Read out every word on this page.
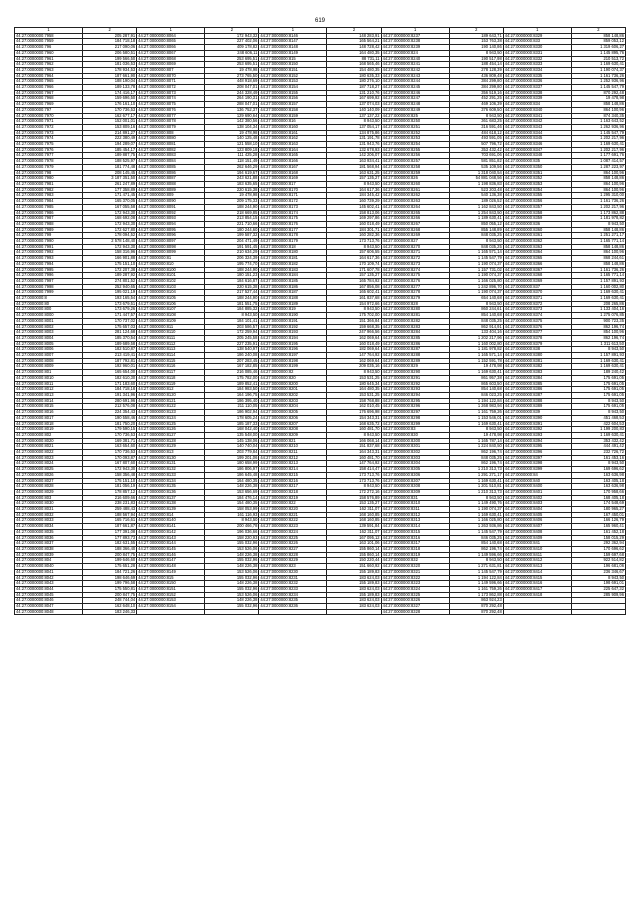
619
1	2	1	2	1	2	1	2	1	2
44:27:0000000:7958	205 287,91	44:27:0000000:8064	172 943,32	44:27:0000000:8146	148 283,91	44:27:0000000:8237	189 643,71	44:27:0000000:8329	858 148,86
44:27:0000000:7959	184 718,18	44:27:0000000:8065	227 402,06	44:27:0000000:8147	165 564,21	44:27:0000000:8238	153 763,38	44:27:0000000:833	859 053,12
44:27:0000000:796	217 090,06	44:27:0000000:8066	409 178,82	44:27:0000000:8148	148 728,42	44:27:0000000:8239	190 140,86	44:27:0000000:8330	1 319 606,27
44:27:0000000:7960	206 580,51	44:27:0000000:8067	248 606,11	44:27:0000000:8149	164 480,35	44:27:0000000:824	8 943,50	44:27:0000000:8331	1 145 895,76
44:27:0000000:7961	199 566,50	44:27:0000000:8068	253 695,51	44:27:0000000:815	88 731,11	44:27:0000000:8240	190 517,98	44:27:0000000:8332	210 513,72
44:27:0000000:7962	181 036,53	44:27:0000000:8069	253 695,51	44:27:0000000:8150	168 565,46	44:27:0000000:8241	188 454,14	44:27:0000000:8333	1 169 630,41
44:27:0000000:7963	178 934,53	44:27:0000000:807	19 478,98	44:27:0000000:8151	154 480,35	44:27:0000000:8242	278 128,39	44:27:0000000:8334	1 190 074,37
44:27:0000000:7964	187 661,90	44:27:0000000:8070	273 765,50	44:27:0000000:8152	180 635,33	44:27:0000000:8243	436 809,48	44:27:0000000:8335	1 161 736,26
44:27:0000000:7965	188 190,04	44:27:0000000:8071	448 918,69	44:27:0000000:8153	180 276,10	44:27:0000000:8244	384 299,80	44:27:0000000:8336	1 252 936,96
44:27:0000000:7966	189 133,78	44:27:0000000:8072	208 047,01	44:27:0000000:8154	187 718,27	44:27:0000000:8245	384 299,80	44:27:0000000:8337	1 145 547,79
44:27:0000000:7967	174 416,17	44:27:0000000:8073	244 328,49	44:27:0000000:8155	131 210,76	44:27:0000000:8246	356 519,16	44:27:0000000:8338	870 292,48
44:27:0000000:7968	159 696,50	44:27:0000000:8074	264 190,31	44:27:0000000:8156	167 699,92	44:27:0000000:8247	452 291,25	44:27:0000000:8339	19 478,98
44:27:0000000:7969	176 161,10	44:27:0000000:8075	288 047,01	44:27:0000000:8157	137 074,03	44:27:0000000:8248	469 106,39	44:27:0000000:834	858 148,86
44:27:0000000:797	170 736,53	44:27:0000000:8076	136 752,37	44:27:0000000:8158	140 140,09	44:27:0000000:8249	376 609,50	44:27:0000000:8340	864 100,96
44:27:0000000:7970	162 677,17	44:27:0000000:8077	129 690,64	44:27:0000000:8159	137 137,22	44:27:0000000:825	8 943,50	44:27:0000000:8341	874 340,35
44:27:0000000:7971	152 001,01	44:27:0000000:8078	142 380,56	44:27:0000000:816	8 943,50	44:27:0000000:8250	361 683,25	44:27:0000000:8342	1 163 643,52
44:27:0000000:7972	153 809,16	44:27:0000000:8079	138 104,34	44:27:0000000:8160	137 054,17	44:27:0000000:8251	316 591,46	44:27:0000000:8343	1 262 936,96
44:27:0000000:7973	214 891,27	44:27:0000000:808	19 478,98	44:27:0000000:8161	134 875,86	44:27:0000000:8252	484 618,12	44:27:0000000:8344	1 145 547,79
44:27:0000000:7974	222 380,49	44:27:0000000:8080	140 125,48	44:27:0000000:8162	131 191,78	44:27:0000000:8253	493 591,05	44:27:0000000:8345	1 202 217,96
44:27:0000000:7975	194 289,07	44:27:0000000:8081	121 558,10	44:27:0000000:8163	131 943,76	44:27:0000000:8254	507 796,72	44:27:0000000:8346	1 169 630,41
44:27:0000000:7976	185 454,17	44:27:0000000:8082	123 809,18	44:27:0000000:8164	132 678,93	44:27:0000000:8255	353 432,42	44:27:0000000:8347	1 202 217,96
44:27:0000000:7977	189 887,75	44:27:0000000:8083	111 425,28	44:27:0000000:8165	142 206,07	44:27:0000000:8256	703 691,06	44:27:0000000:8348	1 177 691,76
44:27:0000000:7978	188 525,97	44:27:0000000:8084	118 151,49	44:27:0000000:8166	163 934,41	44:27:0000000:8257	581 851,82	44:27:0000000:835	1 087 414,57
44:27:0000000:7979	181 774,48	44:27:0000000:8085	262 646,29	44:27:0000000:8167	181 568,94	44:27:0000000:8258	535 109,56	44:27:0000000:8350	1 287 223,97
44:27:0000000:798	208 145,45	44:27:0000000:8086	194 619,67	44:27:0000000:8168	163 631,25	44:27:0000000:8259	1 318 040,54	44:27:0000000:8351	864 100,96
44:27:0000000:7980	3 187 351,50	44:27:0000000:8087	243 621,88	44:27:0000000:8169	157 135,27	44:27:0000000:826	54 881 048,56	44:27:0000000:8352	858 148,86
44:27:0000000:7981	261 247,89	44:27:0000000:8088	183 635,65	44:27:0000000:817	8 943,50	44:27:0000000:8260	1 198 836,83	44:27:0000000:8353	864 100,96
44:27:0000000:7982	177 358,89	44:27:0000000:8089	220 615,38	44:27:0000000:8170	164 617,36	44:27:0000000:8261	523 203,48	44:27:0000000:8354	864 100,96
44:27:0000000:7983	171 471,45	44:27:0000000:809	19 478,98	44:27:0000000:8171	184 345,42	44:27:0000000:8262	540 136,38	44:27:0000000:8355	1 295 310,00
44:27:0000000:7984	165 370,05	44:27:0000000:8090	209 175,33	44:27:0000000:8172	160 739,29	44:27:0000000:8263	189 026,52	44:27:0000000:8356	1 161 736,26
44:27:0000000:7985	167 055,58	44:27:0000000:8091	188 244,90	44:27:0000000:8173	145 602,41	44:27:0000000:8264	1 162 843,50	44:27:0000000:8357	1 202 217,96
44:27:0000000:7986	172 943,30	44:27:0000000:8092	218 669,85	44:27:0000000:8174	158 813,06	44:27:0000000:8265	1 254 843,50	44:27:0000000:8358	1 173 862,88
44:27:0000000:7987	168 692,08	44:27:0000000:8093	213 854,15	44:27:0000000:8175	169 297,86	44:27:0000000:8266	1 189 630,41	44:27:0000000:8359	1 181 978,82
44:27:0000000:7988	172 943,30	44:27:0000000:8094	221 710,66	44:27:0000000:8176	160 018,49	44:27:0000000:8267	850 055,12	44:27:0000000:836	8 943,50
44:27:0000000:7989	172 627,80	44:27:0000000:8095	180 244,60	44:27:0000000:8177	184 301,71	44:27:0000000:8268	855 148,89	44:27:0000000:8360	858 148,86
44:27:0000000:799	178 094,52	44:27:0000000:8096	199 587,32	44:27:0000000:8178	160 282,36	44:27:0000000:8269	848 035,25	44:27:0000000:8361	1 251 271,17
44:27:0000000:7990	2 578 148,40	44:27:0000000:8097	204 471,49	44:27:0000000:8179	173 713,76	44:27:0000000:827	8 943,50	44:27:0000000:8362	1 165 771,14
44:27:0000000:7991	172 943,30	44:27:0000000:8098	191 591,45	44:27:0000000:818	8 943,50	44:27:0000000:8270	848 035,25	44:27:0000000:8363	858 148,86
44:27:0000000:7992	158 316,96	44:27:0000000:8099	210 634,29	44:27:0000000:8180	157 606,55	44:27:0000000:8271	1 165 571,14	44:27:0000000:8364	864 100,96
44:27:0000000:7993	166 901,88	44:27:0000000:81	206 324,39	44:27:0000000:8181	164 617,36	44:27:0000000:8272	1 145 547,79	44:27:0000000:8365	868 244,61
44:27:0000000:7994	175 151,10	44:27:0000000:810	195 774,70	44:27:0000000:8182	170 109,74	44:27:0000000:8273	1 190 074,37	44:27:0000000:8366	858 148,86
44:27:0000000:7995	172 207,38	44:27:0000000:8100	188 244,90	44:27:0000000:8183	171 607,78	44:27:0000000:8274	1 157 731,02	44:27:0000000:8367	1 161 736,26
44:27:0000000:7996	189 287,92	44:27:0000000:8101	180 151,23	44:27:0000000:8184	157 135,27	44:27:0000000:8275	1 190 074,37	44:27:0000000:8368	1 165 771,14
44:27:0000000:7997	274 801,52	44:27:0000000:8102	184 616,87	44:27:0000000:8185	165 784,92	44:27:0000000:8276	1 166 025,80	44:27:0000000:8369	1 157 891,93
44:27:0000000:7998	252 940,65	44:27:0000000:8103	220 615,38	44:27:0000000:8186	167 856,08	44:27:0000000:8277	1 242 896,70	44:27:0000000:837	1 160 002,80
44:27:0000000:7999	195 021,19	44:27:0000000:8104	217 527,44	44:27:0000000:8187	165 602,41	44:27:0000000:8278	1 190 074,37	44:27:0000000:8370	1 169 630,41
44:27:0000000:8	193 165,54	44:27:0000000:8105	188 244,90	44:27:0000000:8188	161 837,68	44:27:0000000:8279	654 140,68	44:27:0000000:8371	1 169 630,41
44:27:0000000:80	173 679,51	44:27:0000000:8106	181 551,75	44:27:0000000:8189	154 972,66	44:27:0000000:828	8 943,50	44:27:0000000:8372	208 265,86
44:27:0000000:800	173 679,26	44:27:0000000:8107	184 885,32	44:27:0000000:819	8 943,50	44:27:0000000:8280	860 244,61	44:27:0000000:8373	1 133 404,16
44:27:0000000:8000	171 447,57	44:27:0000000:8108	8 943,50	44:27:0000000:8190	175 702,00	44:27:0000000:8281	854 140,68	44:27:0000000:8374	1 275 076,85
44:27:0000000:8001	170 737,02	44:27:0000000:8109	184 101,41	44:27:0000000:8191	151 366,84	44:27:0000000:8282	848 035,25	44:27:0000000:8375	900 723,35
44:27:0000000:8002	175 657,03	44:27:0000000:811	203 586,57	44:27:0000000:8192	159 668,35	44:27:0000000:8283	862 914,91	44:27:0000000:8376	862 196,74
44:27:0000000:8003	281 124,68	44:27:0000000:8110	172 259,94	44:27:0000000:8193	247 966,56	44:27:0000000:8284	133 404,16	44:27:0000000:8377	854 100,96
44:27:0000000:8004	185 370,54	44:27:0000000:8111	205 245,58	44:27:0000000:8194	162 069,64	44:27:0000000:8285	1 202 217,96	44:27:0000000:8378	862 196,74
44:27:0000000:8005	189 689,58	44:27:0000000:8112	227 235,91	44:27:0000000:8195	160 018,49	44:27:0000000:8286	1 160 002,80	44:27:0000000:8379	1 311 613,50
44:27:0000000:8006	182 510,87	44:27:0000000:8113	138 540,97	44:27:0000000:8196	182 069,64	44:27:0000000:8287	1 181 978,82	44:27:0000000:838	8 943,50
44:27:0000000:8007	213 419,41	44:27:0000000:8114	186 240,08	44:27:0000000:8197	147 764,92	44:27:0000000:8288	1 165 571,14	44:27:0000000:8380	1 157 891,93
44:27:0000000:8008	187 792,81	44:27:0000000:8115	207 283,45	44:27:0000000:8198	162 069,64	44:27:0000000:8289	1 152 591,78	44:27:0000000:8381	1 169 630,41
44:27:0000000:8009	192 960,01	44:27:0000000:8116	167 182,85	44:27:0000000:8199	209 035,16	44:27:0000000:829	19 478,98	44:27:0000000:8382	1 169 630,41
44:27:0000000:801	165 654,00	44:27:0000000:8117	216 085,46	44:27:0000000:82	8 943,50	44:27:0000000:8290	1 169 630,41	44:27:0000000:8383	189 240,42
44:27:0000000:8010	182 610,30	44:27:0000000:8118	175 782,00	44:27:0000000:820	153 531,25	44:27:0000000:8291	861 957,38	44:27:0000000:8384	175 691,05
44:27:0000000:8011	171 183,60	44:27:0000000:8119	189 852,41	44:27:0000000:8200	180 645,34	44:27:0000000:8292	865 603,50	44:27:0000000:8385	175 691,05
44:27:0000000:8012	184 718,18	44:27:0000000:812	184 983,50	44:27:0000000:8201	164 480,35	44:27:0000000:8293	854 140,68	44:27:0000000:8386	175 691,05
44:27:0000000:8013	191 341,96	44:27:0000000:8120	164 196,75	44:27:0000000:8202	153 531,25	44:27:0000000:8294	846 023,25	44:27:0000000:8387	175 691,05
44:27:0000000:8014	280 691,96	44:27:0000000:8121	186 395,40	44:27:0000000:8203	158 768,88	44:27:0000000:8295	1 194 122,84	44:27:0000000:8388	8 943,50
44:27:0000000:8015	212 576,08	44:27:0000000:8122	211 110,05	44:27:0000000:8204	162 010,45	44:27:0000000:8296	1 268 983,94	44:27:0000000:8389	175 691,05
44:27:0000000:8016	224 354,43	44:27:0000000:8123	186 902,94	44:27:0000000:8205	176 696,98	44:27:0000000:8297	1 161 759,26	44:27:0000000:839	8 943,50
44:27:0000000:8017	190 558,46	44:27:0000000:8124	178 605,24	44:27:0000000:8206	154 343,31	44:27:0000000:8298	1 153 546,01	44:27:0000000:8390	451 468,53
44:27:0000000:8018	181 750,20	44:27:0000000:8125	185 187,33	44:27:0000000:8207	168 635,72	44:27:0000000:8299	1 169 630,41	44:27:0000000:8391	422 604,53
44:27:0000000:8019	179 590,15	44:27:0000000:8126	168 042,40	44:27:0000000:8208	160 481,70	44:27:0000000:83	8 943,50	44:27:0000000:8392	1 199 200,83
44:27:0000000:802	170 736,53	44:27:0000000:8127	135 548,00	44:27:0000000:8209	8 943,50	44:27:0000000:830	19 478,98	44:27:0000000:8393	1 169 630,41
44:27:0000000:8020	169 381,71	44:27:0000000:8128	145 138,06	44:27:0000000:821	166 068,14	44:27:0000000:8300	1 165 787,14	44:27:0000000:8394	353 432,42
44:27:0000000:8021	163 654,60	44:27:0000000:8129	140 740,04	44:27:0000000:8210	151 837,68	44:27:0000000:8301	1 224 840,50	44:27:0000000:8395	444 491,42
44:27:0000000:8022	170 736,53	44:27:0000000:813	203 779,84	44:27:0000000:8211	164 343,31	44:27:0000000:8302	862 196,74	44:27:0000000:8396	232 726,72
44:27:0000000:8023	170 093,87	44:27:0000000:8130	199 201,06	44:27:0000000:8212	160 481,70	44:27:0000000:8303	848 035,25	44:27:0000000:8397	161 453,16
44:27:0000000:8024	167 807,60	44:27:0000000:8131	180 658,99	44:27:0000000:8213	147 764,92	44:27:0000000:8304	862 196,74	44:27:0000000:8398	8 943,50
44:27:0000000:8025	172 943,30	44:27:0000000:8132	186 806,97	44:27:0000000:8214	158 414,47	44:27:0000000:8305	1 210 313,73	44:27:0000000:8399	169 696,62
44:27:0000000:8026	158 356,48	44:27:0000000:8133	186 645,48	44:27:0000000:8215	173 713,76	44:27:0000000:8306	1 291 271,17	44:27:0000000:84	163 636,98
44:27:0000000:8027	175 151,10	44:27:0000000:8134	164 480,35	44:27:0000000:8216	173 713,76	44:27:0000000:8307	1 169 630,41	44:27:0000000:840	163 405,18
44:27:0000000:8028	181 056,19	44:27:0000000:8135	148 226,38	44:27:0000000:8217	8 943,50	44:27:0000000:8308	1 201 510,81	44:27:0000000:8400	163 636,98
44:27:0000000:8029	178 857,12	44:27:0000000:8136	153 656,69	44:27:0000000:8218	172 272,16	44:27:0000000:8309	1 210 313,73	44:27:0000000:8401	170 958,66
44:27:0000000:803	216 609,66	44:27:0000000:8137	184 476,14	44:27:0000000:8219	158 576,89	44:27:0000000:831	8 943,50	44:27:0000000:8402	168 405,18
44:27:0000000:8030	238 231,83	44:27:0000000:8138	154 480,35	44:27:0000000:822	153 135,27	44:27:0000000:8310	1 149 490,76	44:27:0000000:8403	174 548,69
44:27:0000000:8031	259 488,43	44:27:0000000:8139	158 053,99	44:27:0000000:8220	162 311,07	44:27:0000000:8311	1 190 074,37	44:27:0000000:8404	180 965,27
44:27:0000000:8032	188 567,94	44:27:0000000:814	161 116,93	44:27:0000000:8221	168 160,85	44:27:0000000:8312	1 169 630,41	44:27:0000000:8405	167 450,01
44:27:0000000:8033	165 716,61	44:27:0000000:8140	8 943,50	44:27:0000000:8222	168 160,85	44:27:0000000:8313	1 166 025,80	44:27:0000000:8406	166 126,79
44:27:0000000:8034	187 661,87	44:27:0000000:8141	200 466,78	44:27:0000000:8223	139 591,84	44:27:0000000:8314	1 263 936,86	44:27:0000000:8407	165 960,41
44:27:0000000:8035	177 391,08	44:27:0000000:8142	196 036,66	44:27:0000000:8224	162 311,07	44:27:0000000:8315	1 145 547,79	44:27:0000000:8408	161 452,18
44:27:0000000:8036	177 893,73	44:27:0000000:8143	158 220,93	44:27:0000000:8225	167 095,12	44:27:0000000:8316	846 035,25	44:27:0000000:8409	158 015,29
44:27:0000000:8037	182 631,55	44:27:0000000:8144	155 032,96	44:27:0000000:8226	163 101,06	44:27:0000000:8317	854 140,68	44:27:0000000:841	292 362,94
44:27:0000000:8038	188 366,40	44:27:0000000:8145	153 526,06	44:27:0000000:8227	155 860,14	44:27:0000000:8318	862 196,74	44:27:0000000:8410	170 696,62
44:27:0000000:8039	200 847,75	44:27:0000000:8146	148 226,38	44:27:0000000:8228	155 860,14	44:27:0000000:8319	1 149 596,66	44:27:0000000:8411	159 697,68
44:27:0000000:804	199 646,60	44:27:0000000:8147	155 032,96	44:27:0000000:8229	150 220,44	44:27:0000000:832	8 943,50	44:27:0000000:8412	922 514,82
44:27:0000000:8040	175 651,28	44:27:0000000:8148	148 226,38	44:27:0000000:823	151 660,92	44:27:0000000:8320	1 271 631,81	44:27:0000000:8413	196 681,06
44:27:0000000:8041	184 721,26	44:27:0000000:8149	153 526,06	44:27:0000000:8230	155 189,83	44:27:0000000:8321	1 145 547,79	44:27:0000000:8414	236 346,67
44:27:0000000:8042	198 646,69	44:27:0000000:815	155 032,96	44:27:0000000:8231	183 624,03	44:27:0000000:8322	1 194 122,84	44:27:0000000:8415	8 943,50
44:27:0000000:8043	199 796,58	44:27:0000000:8150	148 226,38	44:27:0000000:8232	155 189,83	44:27:0000000:8323	1 149 596,66	44:27:0000000:8416	198 691,01
44:27:0000000:8044	175 550,81	44:27:0000000:8151	155 032,96	44:27:0000000:8233	183 624,03	44:27:0000000:8324	1 161 759,26	44:27:0000000:8417	225 647,32
44:27:0000000:8045	200 847,75	44:27:0000000:8152	153 526,06	44:27:0000000:8234	155 189,83	44:27:0000000:8325	1 173 862,88	44:27:0000000:8418	285 909,96
44:27:0000000:8046	248 744,04	44:27:0000000:8153	148 226,38	44:27:0000000:8235	183 624,03	44:27:0000000:8326	863 924,23		
44:27:0000000:8047	162 648,10	44:27:0000000:8154	155 032,96	44:27:0000000:8236	183 624,03	44:27:0000000:8327	870 292,48		
44:27:0000000:8048	183 246,33					44:27:0000000:8328	870 292,48		
